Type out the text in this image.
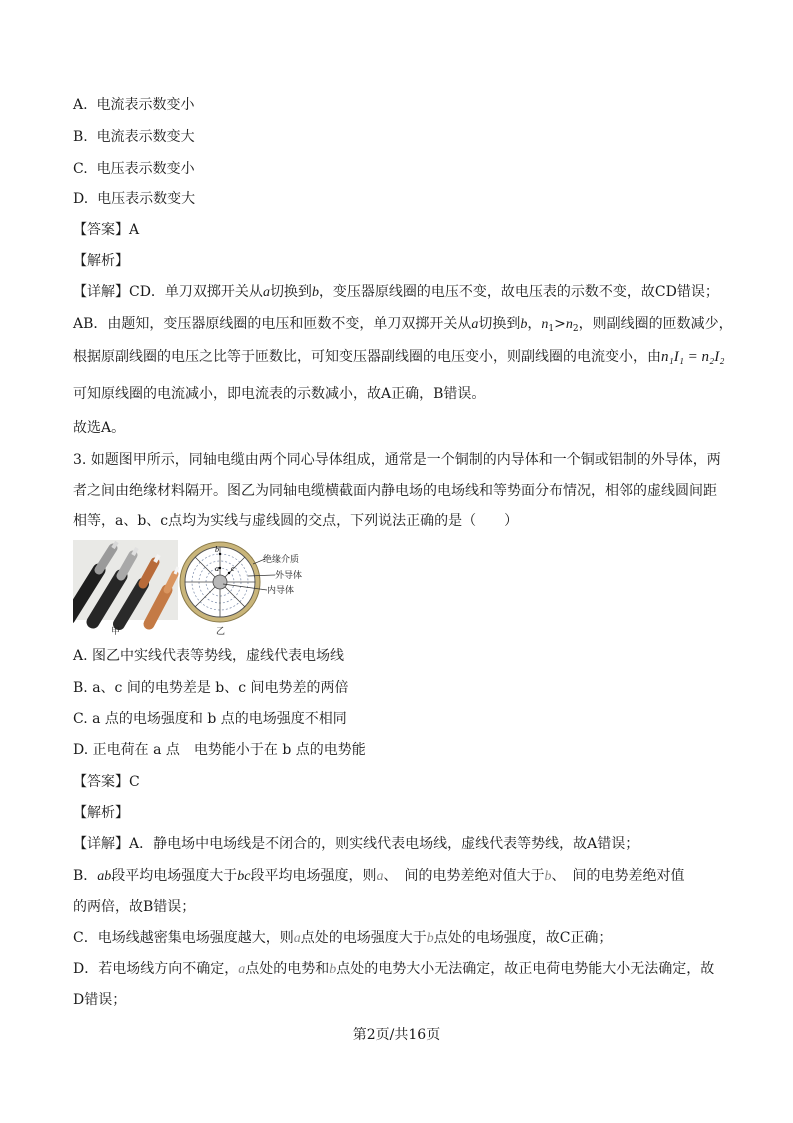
A. 电流表示数变小
B. 电流表示数变大
C. 电压表示数变小
D. 电压表示数变大
【答案】A
【解析】
【详解】CD．单刀双掷开关从a切换到b，变压器原线圈的电压不变，故电压表的示数不变，故CD错误；
AB．由题知，变压器原线圈的电压和匝数不变，单刀双掷开关从a切换到b，$n_1>n_2$，则副线圈的匝数减少，
根据原副线圈的电压之比等于匝数比，可知变压器副线圈的电压变小，则副线圈的电流变小，由n₁I₁ = n₂I₂
可知原线圈的电流减小，即电流表的示数减小，故A正确，B错误。
故选A。
3. 如题图甲所示，同轴电缆由两个同心导体组成，通常是一个铜制的内导体和一个铜或铝制的外导体，两
者之间由绝缘材料隔开。图乙为同轴电缆横截面内静电场的电场线和等势面分布情况，相邻的虚线圆间距
相等，a、b、c点均为实线与虚线圆的交点，下列说法正确的是（　　）
a
b
c
绝缘介质
外导体
内导体
甲	乙
A. 图乙中实线代表等势线，虚线代表电场线
B. a、c 间的电势差是 b、c 间电势差的两倍
C. a 点的电场强度和 b 点的电场强度不相同
D. 正电荷在 a 点　电势能小于在 b 点的电势能
【答案】C
【解析】
【详解】A．静电场中电场线是不闭合的，则实线代表电场线，虚线代表等势线，故A错误；
B．ab段平均电场强度大于bc段平均电场强度，则a、　间的电势差绝对值大于b、　间的电势差绝对值
的两倍，故B错误；
C．电场线越密集电场强度越大，则a点处的电场强度大于b点处的电场强度，故C正确；
D．若电场线方向不确定，a点处的电势和b点处的电势大小无法确定，故正电荷电势能大小无法确定，故
D错误；
第2页/共16页
